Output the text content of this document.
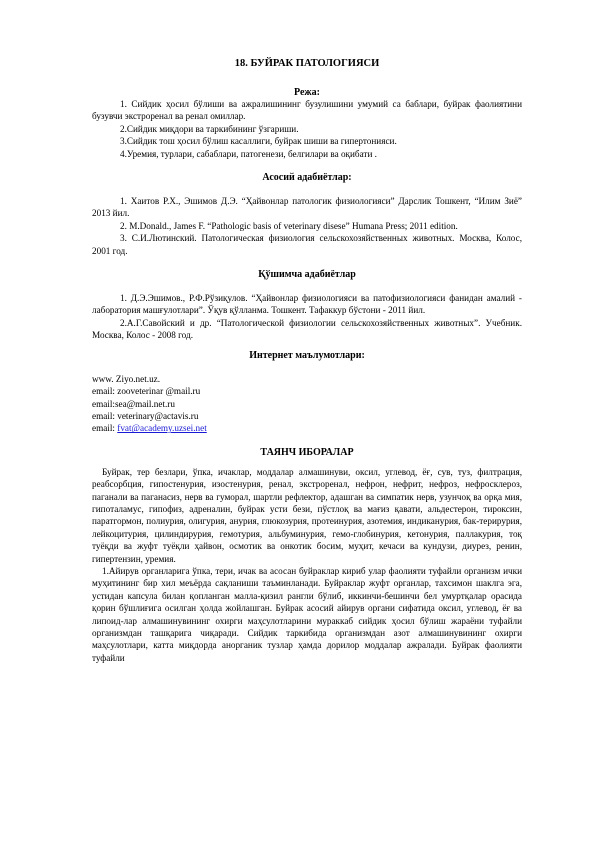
18. БУЙРАК ПАТОЛОГИЯСИ

Режа:

1. Сийдик ҳосил бўлиши ва ажралишининг бузулишини умумий са баблари, буйрак фаолиятини бузувчи экстроренал ва ренал омиллар.

2.Сийдик миқдори ва таркибининг ўзгариши.

3.Сийдик тош ҳосил бўлиш касаллиги, буйрак шиши ва гипертонияси.

4.Уремия, турлари, сабаблари, патогенези, белгилари ва оқибати .

Асосий адабиётлар:

1. Хаитов Р.Х., Эшимов Д.Э. “Ҳайвонлар патологик физиологияси” Дарслик Тошкент, “Илим Зиё” 2013 йил.

2. M.Donald., James F. “Pathologic basis of veterinary disese” Humana Press; 2011 edition.

3. С.И.Лютинский. Патологическая физиология сельскохозяйственных животных. Москва, Колос, 2001 год.

Қўшимча адабиётлар

1. Д.Э.Эшимов., Р.Ф.Рўзиқулов. “Ҳайвонлар физиологияси ва патофизиологияси фанидан амалий - лаборатория машғулотлари”. Ўқув қўлланма. Тошкент. Тафаккур бўстони - 2011 йил.

2.А.Г.Савойский и др. “Патологической физиологии сельскохозяйственных животных”. Учебник. Москва, Колос - 2008 год.

Интернет маълумотлари:

www. Ziyo.net.uz.

email: zooveterinar @mail.ru

email:sea@mail.net.ru

email: veterinary@actavis.ru

email: fvat@academy.uzsei.net

ТАЯНЧ ИБОРАЛАР

Буйрак, тер безлари, ўпка, ичаклар, моддалар алмашинуви, оксил, углевод, ёғ, сув, туз, филтрация, реабсорбция, гипостенурия, изостенурия, ренал, экстроренал, нефрон, нефрит, нефроз, нефросклероз, паганали ва паганасиз, нерв ва гуморал, шартли рефлектор, адашган ва симпатик нерв, узунчоқ ва орқа мия, гипоталамус, гипофиз, адреналин, буйрак усти бези, пўстлоқ ва мағиз қавати, альдестерон, тироксин, паратгормон, полиурия, олигурия, анурия, глюкозурия, протеинурия, азотемия, индиканурия, бак-терирурия, лейкоцитурия, цилиндирурия, гемотурия, альбуминурия, гемо-глобинурия, кетонурия, паллакурия, тоқ туёқди ва жуфт туёқли ҳайвон, осмотик ва онкотик босим, муҳит, кечаси ва кундузи, диурез, ренин, гипертензин, уремия.

1.Айирув органларига ўпка, тери, ичак ва асосан буйраклар кириб улар фаолияти туфайли организм ички муҳитининг бир хил меъёрда сақланиши таъминланади. Буйраклар жуфт органлар, таxсимон шаклга эга, устидан капсула билан қопланган малла-қизил рангли бўлиб, иккинчи-бешинчи бел умуртқалар орасида қорин бўшлиғига осилган ҳолда жойлашган. Буйрак асосий айирув органи сифатида оксил, углевод, ёғ ва липоид-лар алмашинувининг охирги маҳсулотларини мураккаб сийдик ҳосил бўлиш жараёни туфайли организмдан ташқарига чиқаради. Сийдик таркибида организмдан азот алмашинувининг охирги маҳсулотлари, катта миқдорда анорганик тузлар ҳамда дорилор моддалар ажралади. Буйрак фаолияти туфайли
